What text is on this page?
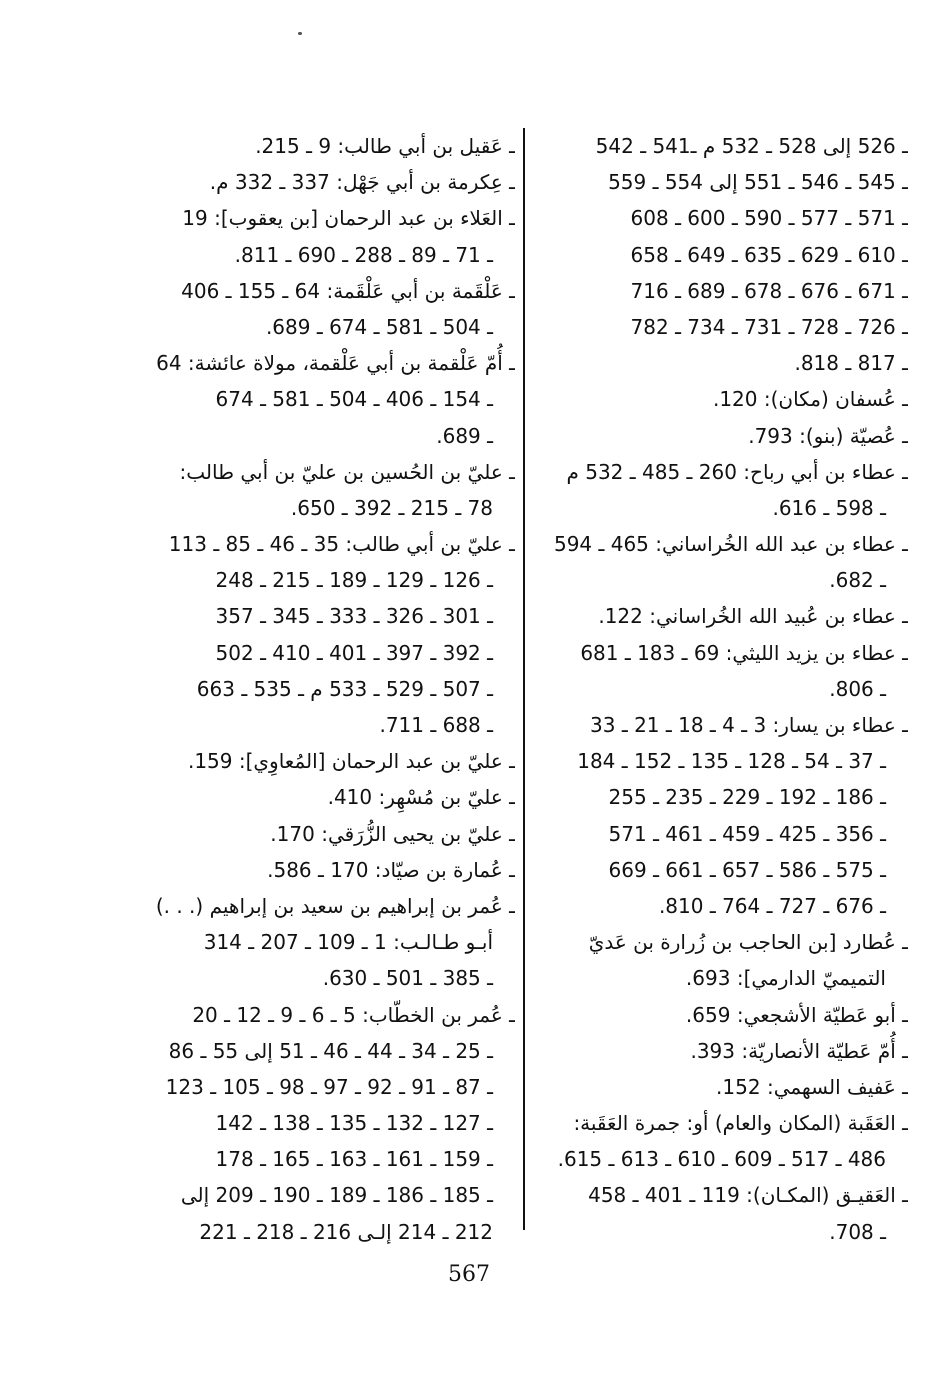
ـ 526 إلى 528 ـ 532 م ـ541 ـ 542
ـ 545 ـ 546 ـ 551 إلى 554 ـ 559
ـ 571 ـ 577 ـ 590 ـ 600 ـ 608
ـ 610 ـ 629 ـ 635 ـ 649 ـ 658
ـ 671 ـ 676 ـ 678 ـ 689 ـ 716
ـ 726 ـ 728 ـ 731 ـ 734 ـ 782
ـ 817 ـ 818.
ـ عُسفان (مكان): 120.
ـ عُصيّة (بنو): 793.
ـ عطاء بن أبي رباح: 260 ـ 485 ـ 532 م
ـ 598 ـ 616.
ـ عطاء بن عبد الله الخُراساني: 465 ـ 594
ـ 682.
ـ عطاء بن عُبيد الله الخُراساني: 122.
ـ عطاء بن يزيد الليثي: 69 ـ 183 ـ 681
ـ 806.
ـ عطاء بن يسار: 3 ـ 4 ـ 18 ـ 21 ـ 33
ـ 37 ـ 54 ـ 128 ـ 135 ـ 152 ـ 184
ـ 186 ـ 192 ـ 229 ـ 235 ـ 255
ـ 356 ـ 425 ـ 459 ـ 461 ـ 571
ـ 575 ـ 586 ـ 657 ـ 661 ـ 669
ـ 676 ـ 727 ـ 764 ـ 810.
ـ عُطارد [بن الحاجب بن زُرارة بن عَديّ
التميميّ الدارمي]: 693.
ـ أبو عَطيّة الأشجعي: 659.
ـ أُمّ عَطيّة الأنصاريّة: 393.
ـ عَفيف السهمي: 152.
ـ العَقَبة (المكان والعام) أو: جمرة العَقَبة:
486 ـ 517 ـ 609 ـ 610 ـ 613 ـ 615.
ـ العَقيـق (المكـان): 119 ـ 401 ـ 458
ـ 708.
ـ عَقيل بن أبي طالب: 9 ـ 215.
ـ عِكرمة بن أبي جَهْل: 337 ـ 332 م.
ـ العَلاء بن عبد الرحمان [بن يعقوب]: 19
ـ 71 ـ 89 ـ 288 ـ 690 ـ 811.
ـ عَلْقَمة بن أبي عَلْقَمة: 64 ـ 155 ـ 406
ـ 504 ـ 581 ـ 674 ـ 689.
ـ أُمّ عَلْقمة بن أبي عَلْقمة، مولاة عائشة: 64
ـ 154 ـ 406 ـ 504 ـ 581 ـ 674
ـ 689.
ـ عليّ بن الحُسين بن عليّ بن أبي طالب:
78 ـ 215 ـ 392 ـ 650.
ـ عليّ بن أبي طالب: 35 ـ 46 ـ 85 ـ 113
ـ 126 ـ 129 ـ 189 ـ 215 ـ 248
ـ 301 ـ 326 ـ 333 ـ 345 ـ 357
ـ 392 ـ 397 ـ 401 ـ 410 ـ 502
ـ 507 ـ 529 ـ 533 م ـ 535 ـ 663
ـ 688 ـ 711.
ـ عليّ بن عبد الرحمان [المُعاوِي]: 159.
ـ عليّ بن مُسْهِر: 410.
ـ عليّ بن يحيى الزُّرَقي: 170.
ـ عُمارة بن صيّاد: 170 ـ 586.
ـ عُمر بن إبراهيم بن سعيد بن إبراهيم (. . .)
أبـو طـالـب: 1 ـ 109 ـ 207 ـ 314
ـ 385 ـ 501 ـ 630.
ـ عُمر بن الخطّاب: 5 ـ 6 ـ 9 ـ 12 ـ 20
ـ 25 ـ 34 ـ 44 ـ 46 ـ 51 إلى 55 ـ 86
ـ 87 ـ 91 ـ 92 ـ 97 ـ 98 ـ 105 ـ 123
ـ 127 ـ 132 ـ 135 ـ 138 ـ 142
ـ 159 ـ 161 ـ 163 ـ 165 ـ 178
ـ 185 ـ 186 ـ 189 ـ 190 ـ 209 إلى
212 ـ 214 إلـى 216 ـ 218 ـ 221
567
